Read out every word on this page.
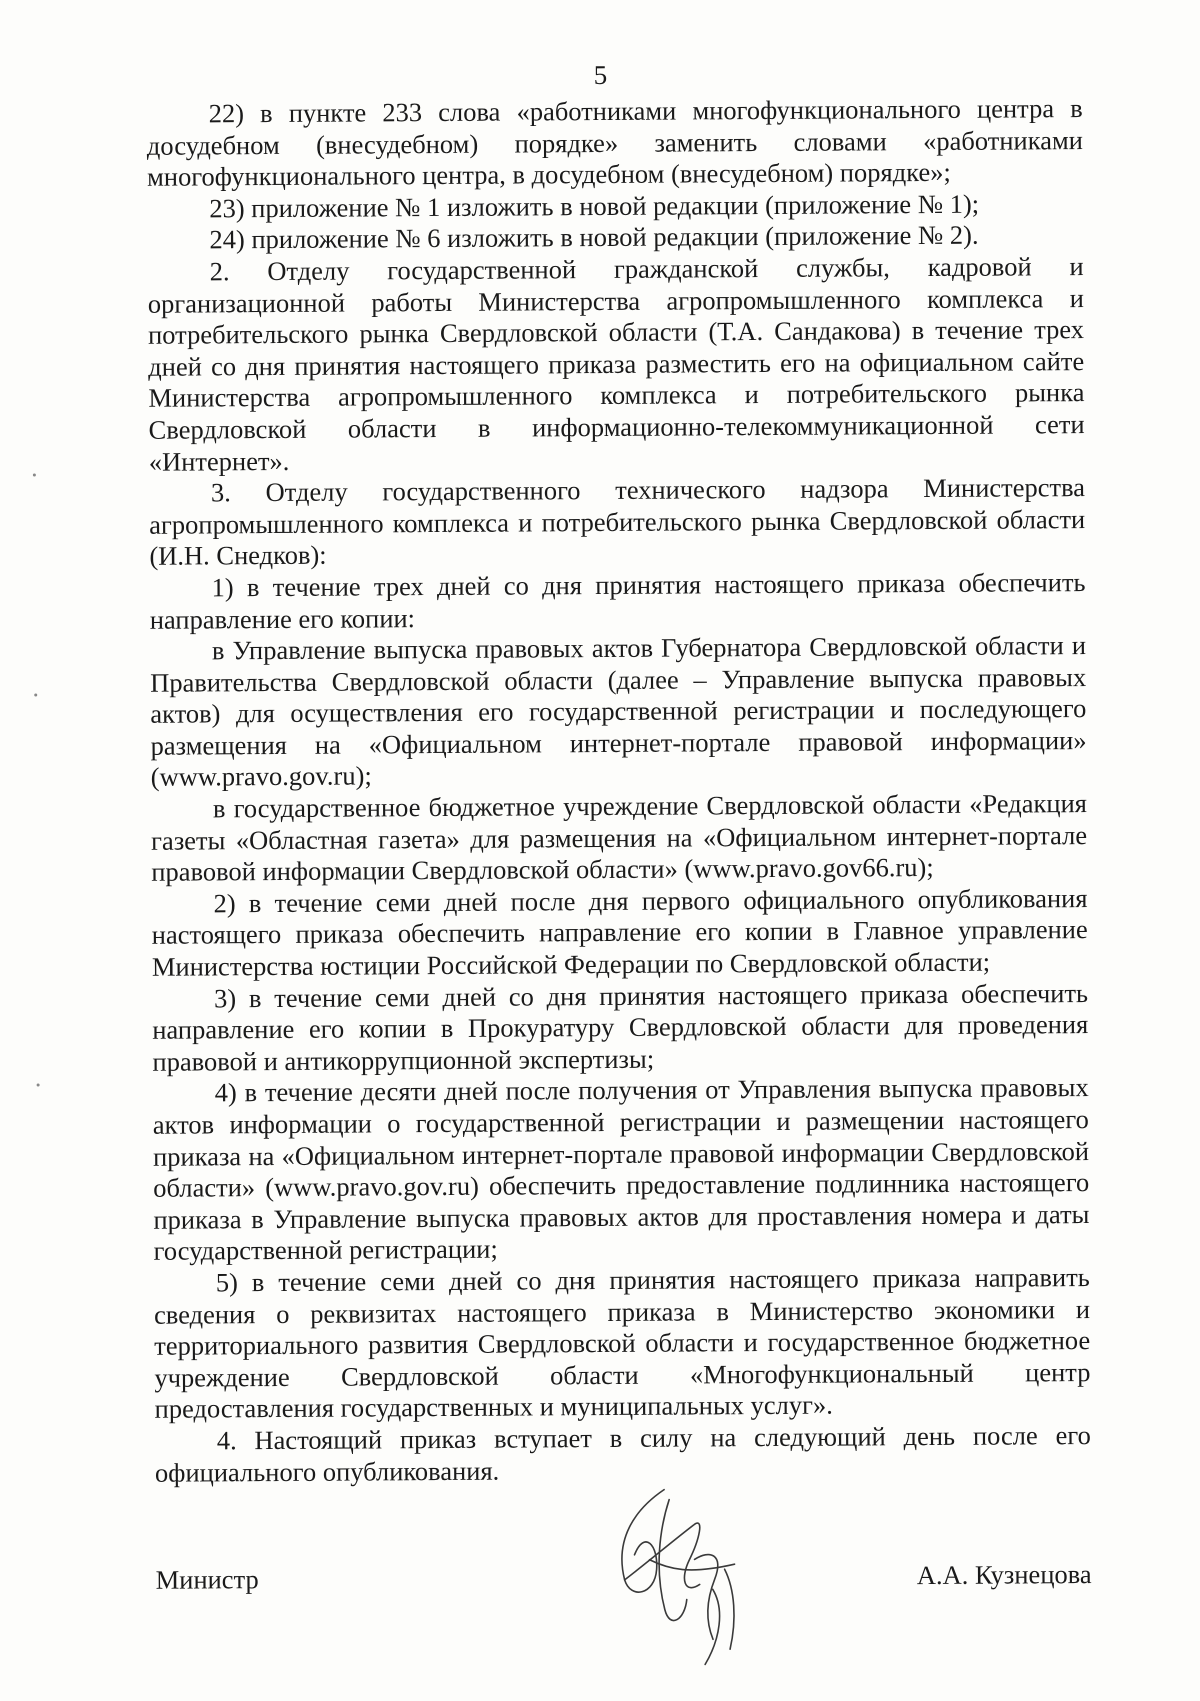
5

22) в пункте 233 слова «работниками многофункционального центра в досудебном (внесудебном) порядке» заменить словами «работниками многофункционального центра, в досудебном (внесудебном) порядке»;

23) приложение № 1 изложить в новой редакции (приложение № 1);

24) приложение № 6 изложить в новой редакции (приложение № 2).

2. Отделу государственной гражданской службы, кадровой и организационной работы Министерства агропромышленного комплекса и потребительского рынка Свердловской области (Т.А. Сандакова) в течение трех дней со дня принятия настоящего приказа разместить его на официальном сайте Министерства агропромышленного комплекса и потребительского рынка Свердловской области в информационно-телекоммуникационной сети «Интернет».

3. Отделу государственного технического надзора Министерства агропромышленного комплекса и потребительского рынка Свердловской области (И.Н. Снедков):

1) в течение трех дней со дня принятия настоящего приказа обеспечить направление его копии:

в Управление выпуска правовых актов Губернатора Свердловской области и Правительства Свердловской области (далее – Управление выпуска правовых актов) для осуществления его государственной регистрации и последующего размещения на «Официальном интернет-портале правовой информации» (www.pravo.gov.ru);

в государственное бюджетное учреждение Свердловской области «Редакция газеты «Областная газета» для размещения на «Официальном интернет-портале правовой информации Свердловской области» (www.pravo.gov66.ru);

2) в течение семи дней после дня первого официального опубликования настоящего приказа обеспечить направление его копии в Главное управление Министерства юстиции Российской Федерации по Свердловской области;

3) в течение семи дней со дня принятия настоящего приказа обеспечить направление его копии в Прокуратуру Свердловской области для проведения правовой и антикоррупционной экспертизы;

4) в течение десяти дней после получения от Управления выпуска правовых актов информации о государственной регистрации и размещении настоящего приказа на «Официальном интернет-портале правовой информации Свердловской области» (www.pravo.gov.ru) обеспечить предоставление подлинника настоящего приказа в Управление выпуска правовых актов для проставления номера и даты государственной регистрации;

5) в течение семи дней со дня принятия настоящего приказа направить сведения о реквизитах настоящего приказа в Министерство экономики и территориального развития Свердловской области и государственное бюджетное учреждение Свердловской области «Многофункциональный центр предоставления государственных и муниципальных услуг».

4. Настоящий приказ вступает в силу на следующий день после его официального опубликования.

Министр	А.А. Кузнецова
